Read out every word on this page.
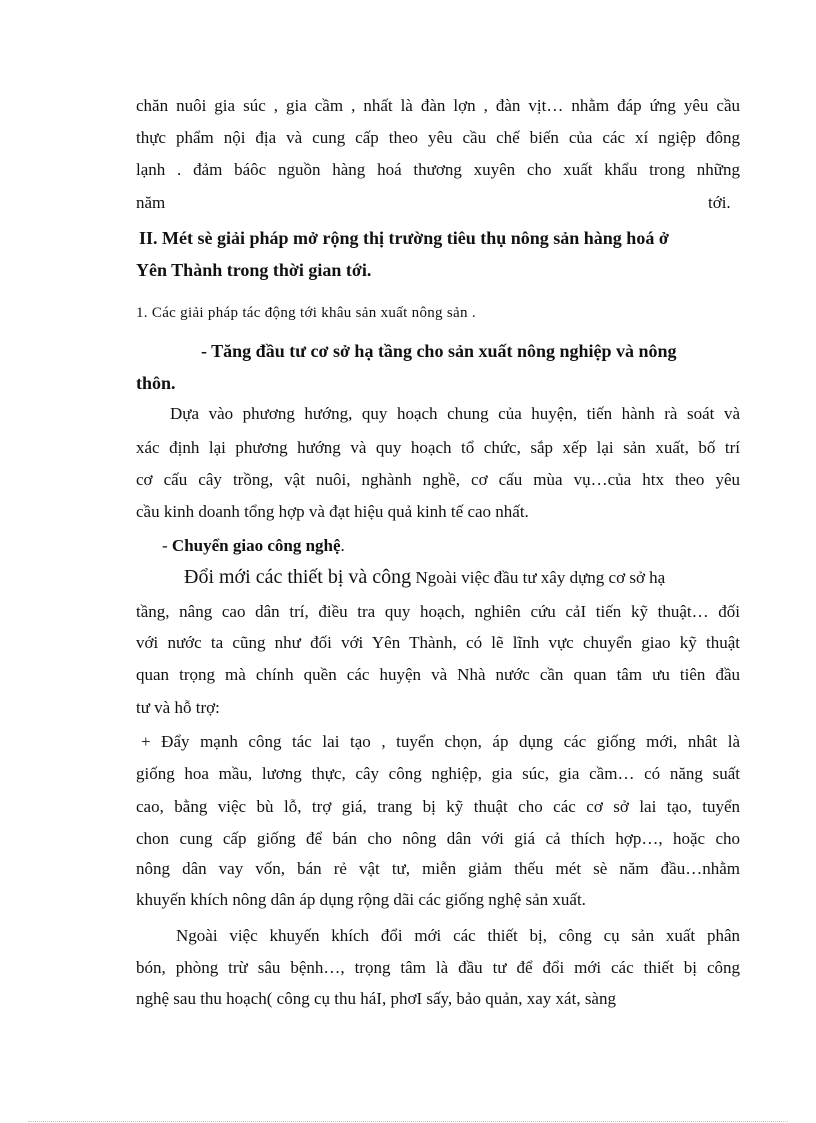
chăn nuôi gia súc , gia cầm , nhất là đàn lợn , đàn vịt… nhằm đáp ứng yêu cầu
thực phẩm nội địa và cung cấp theo yêu cầu chế biến của các xí ngiệp đông
lạnh . đảm báôc nguồn hàng hoá thương xuyên cho xuất khẩu trong những
năm	tới.
II. Mét sè giải pháp mở rộng thị trường tiêu thụ nông sản hàng hoá ở
Yên Thành trong thời gian tới.
1. Các giải pháp tác động tới khâu sản xuất nông sản .
- Tăng đầu tư cơ sở hạ tầng cho sản xuất nông nghiệp và nông
thôn.
Dựa vào phương hướng, quy hoạch chung của huyện, tiến hành rà soát và
xác định lại phương hướng và quy hoạch tổ chức, sắp xếp lại sản xuất, bố trí
cơ cấu cây trồng, vật nuôi, nghành nghề, cơ cấu mùa vụ…của htx theo yêu
cầu kinh doanh tổng hợp và đạt hiệu quả kinh tế cao nhất.
- Chuyển giao công nghệ.
Đổi mới các thiết bị và công Ngoài việc đầu tư xây dựng cơ sở hạ
tầng, nâng cao dân trí, điều tra quy hoạch, nghiên cứu cảI tiến kỹ thuật… đối
với nước ta cũng như đối với Yên Thành, có lẽ lĩnh vực chuyển giao kỹ thuật
quan trọng mà chính quền các huyện và Nhà nước cần quan tâm ưu tiên đầu
tư và hỗ trợ:
+ Đẩy mạnh công tác lai tạo , tuyển chọn, áp dụng các giống mới, nhât là
giống hoa mầu, lương thực, cây công nghiệp, gia súc, gia cầm… có năng suất
cao, bằng việc bù lỗ, trợ giá, trang bị kỹ thuật cho các cơ sở lai tạo, tuyển
chon cung cấp giống để bán cho nông dân với giá cả thích hợp…, hoặc cho
nông dân vay vốn, bán rẻ vật tư, miễn giảm thếu mét sè năm đầu…nhằm
khuyến khích nông dân áp dụng rộng dãi các giống nghệ sản xuất.
Ngoài việc khuyến khích đổi mới các thiết bị, công cụ sản xuất phân
bón, phòng trừ sâu bệnh…, trọng tâm là đầu tư để đổi mới các thiết bị công
nghệ sau thu hoạch( công cụ thu háI, phơI sấy, bảo quản, xay xát, sàng
